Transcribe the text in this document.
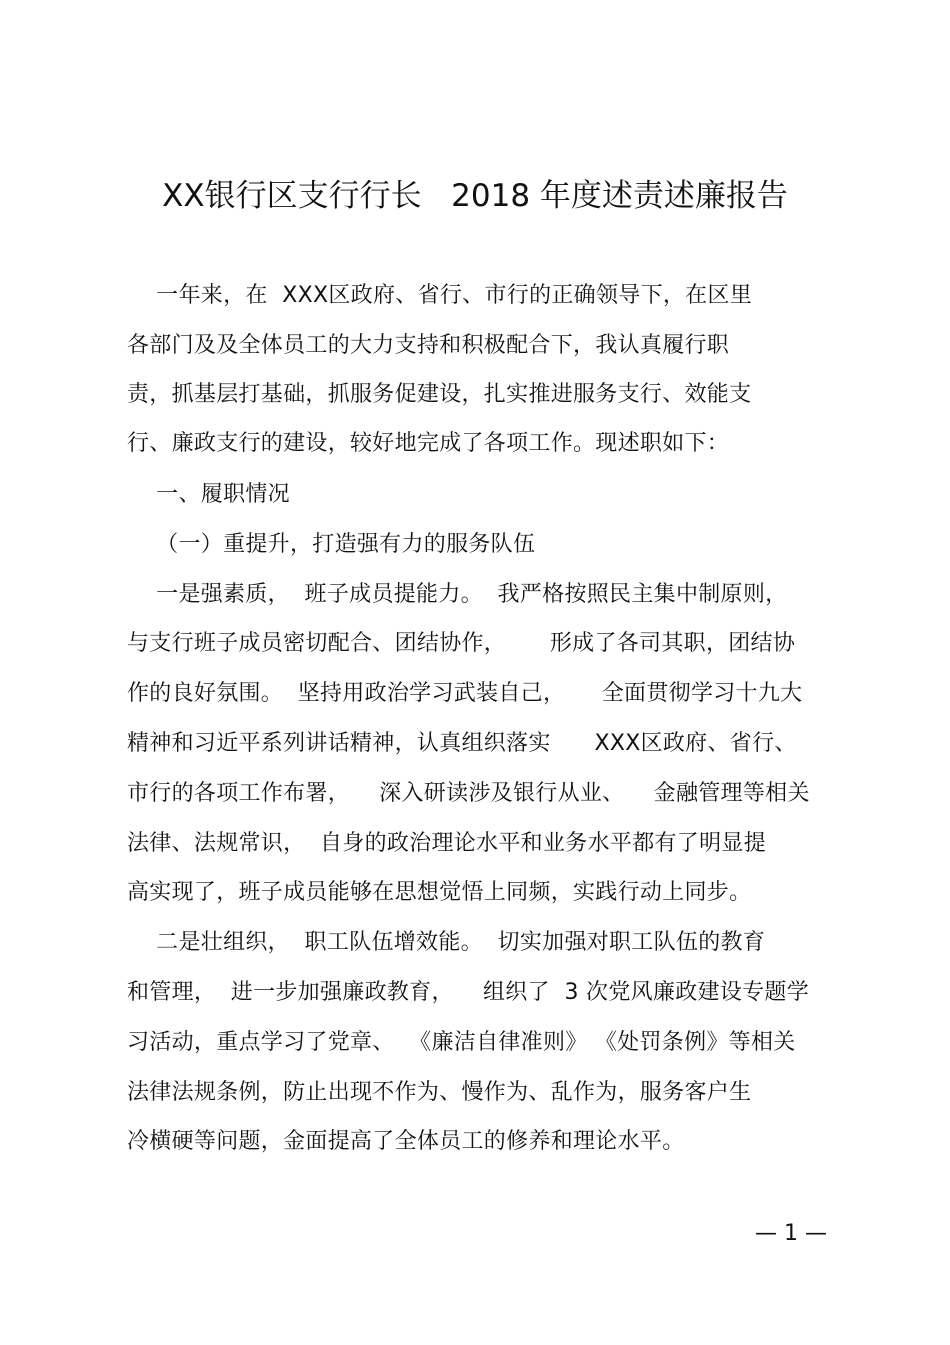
XX银行区支行行长   2018 年度述责述廉报告
一年来，在  XXX区政府、省行、市行的正确领导下，在区里
各部门及及全体员工的大力支持和积极配合下，我认真履行职
责，抓基层打基础，抓服务促建设，扎实推进服务支行、效能支
行、廉政支行的建设，较好地完成了各项工作。现述职如下：
一、履职情况
（一）重提升，打造强有力的服务队伍
一是强素质，  班子成员提能力。  我严格按照民主集中制原则，
与支行班子成员密切配合、团结协作，      形成了各司其职，团结协
作的良好氛围。  坚持用政治学习武装自己，     全面贯彻学习十九大
精神和习近平系列讲话精神，认真组织落实      XXX区政府、省行、
市行的各项工作布署，    深入研读涉及银行从业、    金融管理等相关
法律、法规常识，  自身的政治理论水平和业务水平都有了明显提
高实现了，班子成员能够在思想觉悟上同频，实践行动上同步。
二是壮组织，  职工队伍增效能。  切实加强对职工队伍的教育
和管理，  进一步加强廉政教育，    组织了  3 次党风廉政建设专题学
习活动，重点学习了党章、  《廉洁自律准则》 《处罚条例》等相关
法律法规条例，防止出现不作为、慢作为、乱作为，服务客户生
冷横硬等问题，金面提高了全体员工的修养和理论水平。
— 1 —
